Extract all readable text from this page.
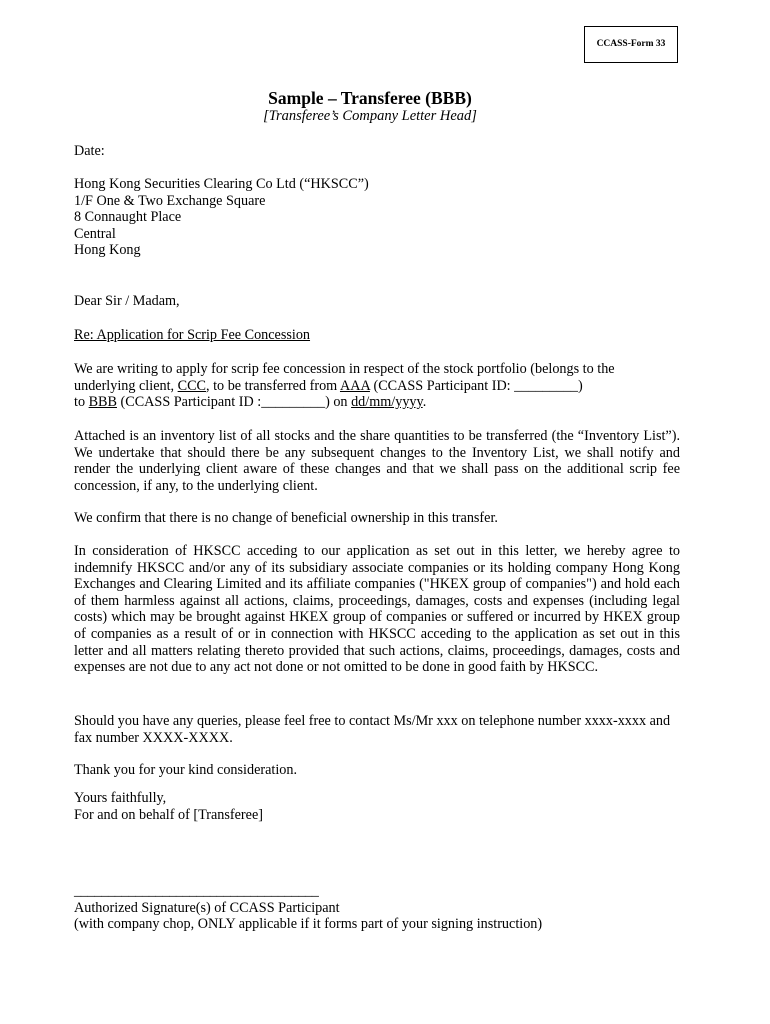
CCASS-Form 33
Sample – Transferee (BBB)
[Transferee’s Company Letter Head]
Date:
Hong Kong Securities Clearing Co Ltd (“HKSCC”)
1/F One & Two Exchange Square
8 Connaught Place
Central
Hong Kong
Dear Sir / Madam,
Re: Application for Scrip Fee Concession
We are writing to apply for scrip fee concession in respect of the stock portfolio (belongs to the
underlying client, CCC, to be transferred from AAA (CCASS Participant ID: _________)
to BBB (CCASS Participant ID :_________) on dd/mm/yyyy.
Attached is an inventory list of all stocks and the share quantities to be transferred (the “Inventory List”). We undertake that should there be any subsequent changes to the Inventory List, we shall notify and render the underlying client aware of these changes and that we shall pass on the additional scrip fee concession, if any, to the underlying client.
We confirm that there is no change of beneficial ownership in this transfer.
In consideration of HKSCC acceding to our application as set out in this letter, we hereby agree to indemnify HKSCC and/or any of its subsidiary associate companies or its holding company Hong Kong Exchanges and Clearing Limited and its affiliate companies ("HKEX group of companies") and hold each of them harmless against all actions, claims, proceedings, damages, costs and expenses (including legal costs) which may be brought against HKEX group of companies or suffered or incurred by HKEX group of companies as a result of or in connection with HKSCC acceding to the application as set out in this letter and all matters relating thereto provided that such actions, claims, proceedings, damages, costs and expenses are not due to any act not done or not omitted to be done in good faith by HKSCC.
Should you have any queries, please feel free to contact Ms/Mr xxx on telephone number xxxx-xxxx and fax number XXXX-XXXX.
Thank you for your kind consideration.
Yours faithfully,
For and on behalf of [Transferee]
____________________________________
Authorized Signature(s) of CCASS Participant
(with company chop, ONLY applicable if it forms part of your signing instruction)
